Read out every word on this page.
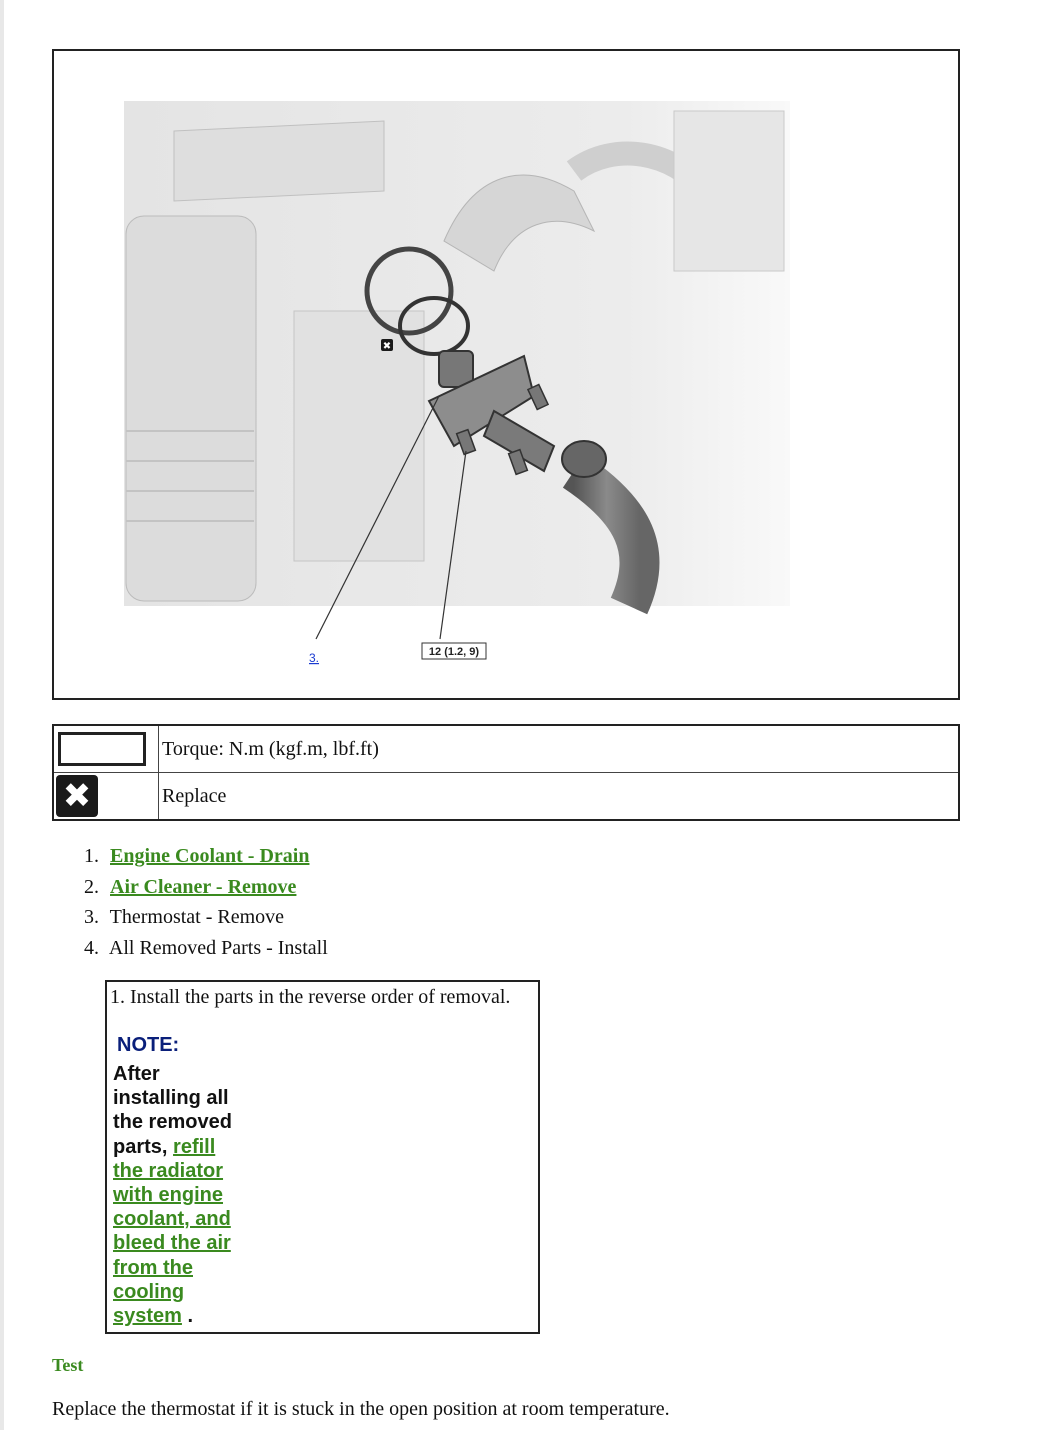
✖
3.	12 (1.2, 9)
	Torque: N.m (kgf.m, lbf.ft)

✖	Replace
1. Engine Coolant - Drain
2. Air Cleaner - Remove
3. Thermostat - Remove
4. All Removed Parts - Install
1. Install the parts in the reverse order of removal.
NOTE:
After installing all the removed parts, refill the radiator with engine coolant, and bleed the air from the cooling system .
Test
Replace the thermostat if it is stuck in the open position at room temperature.
